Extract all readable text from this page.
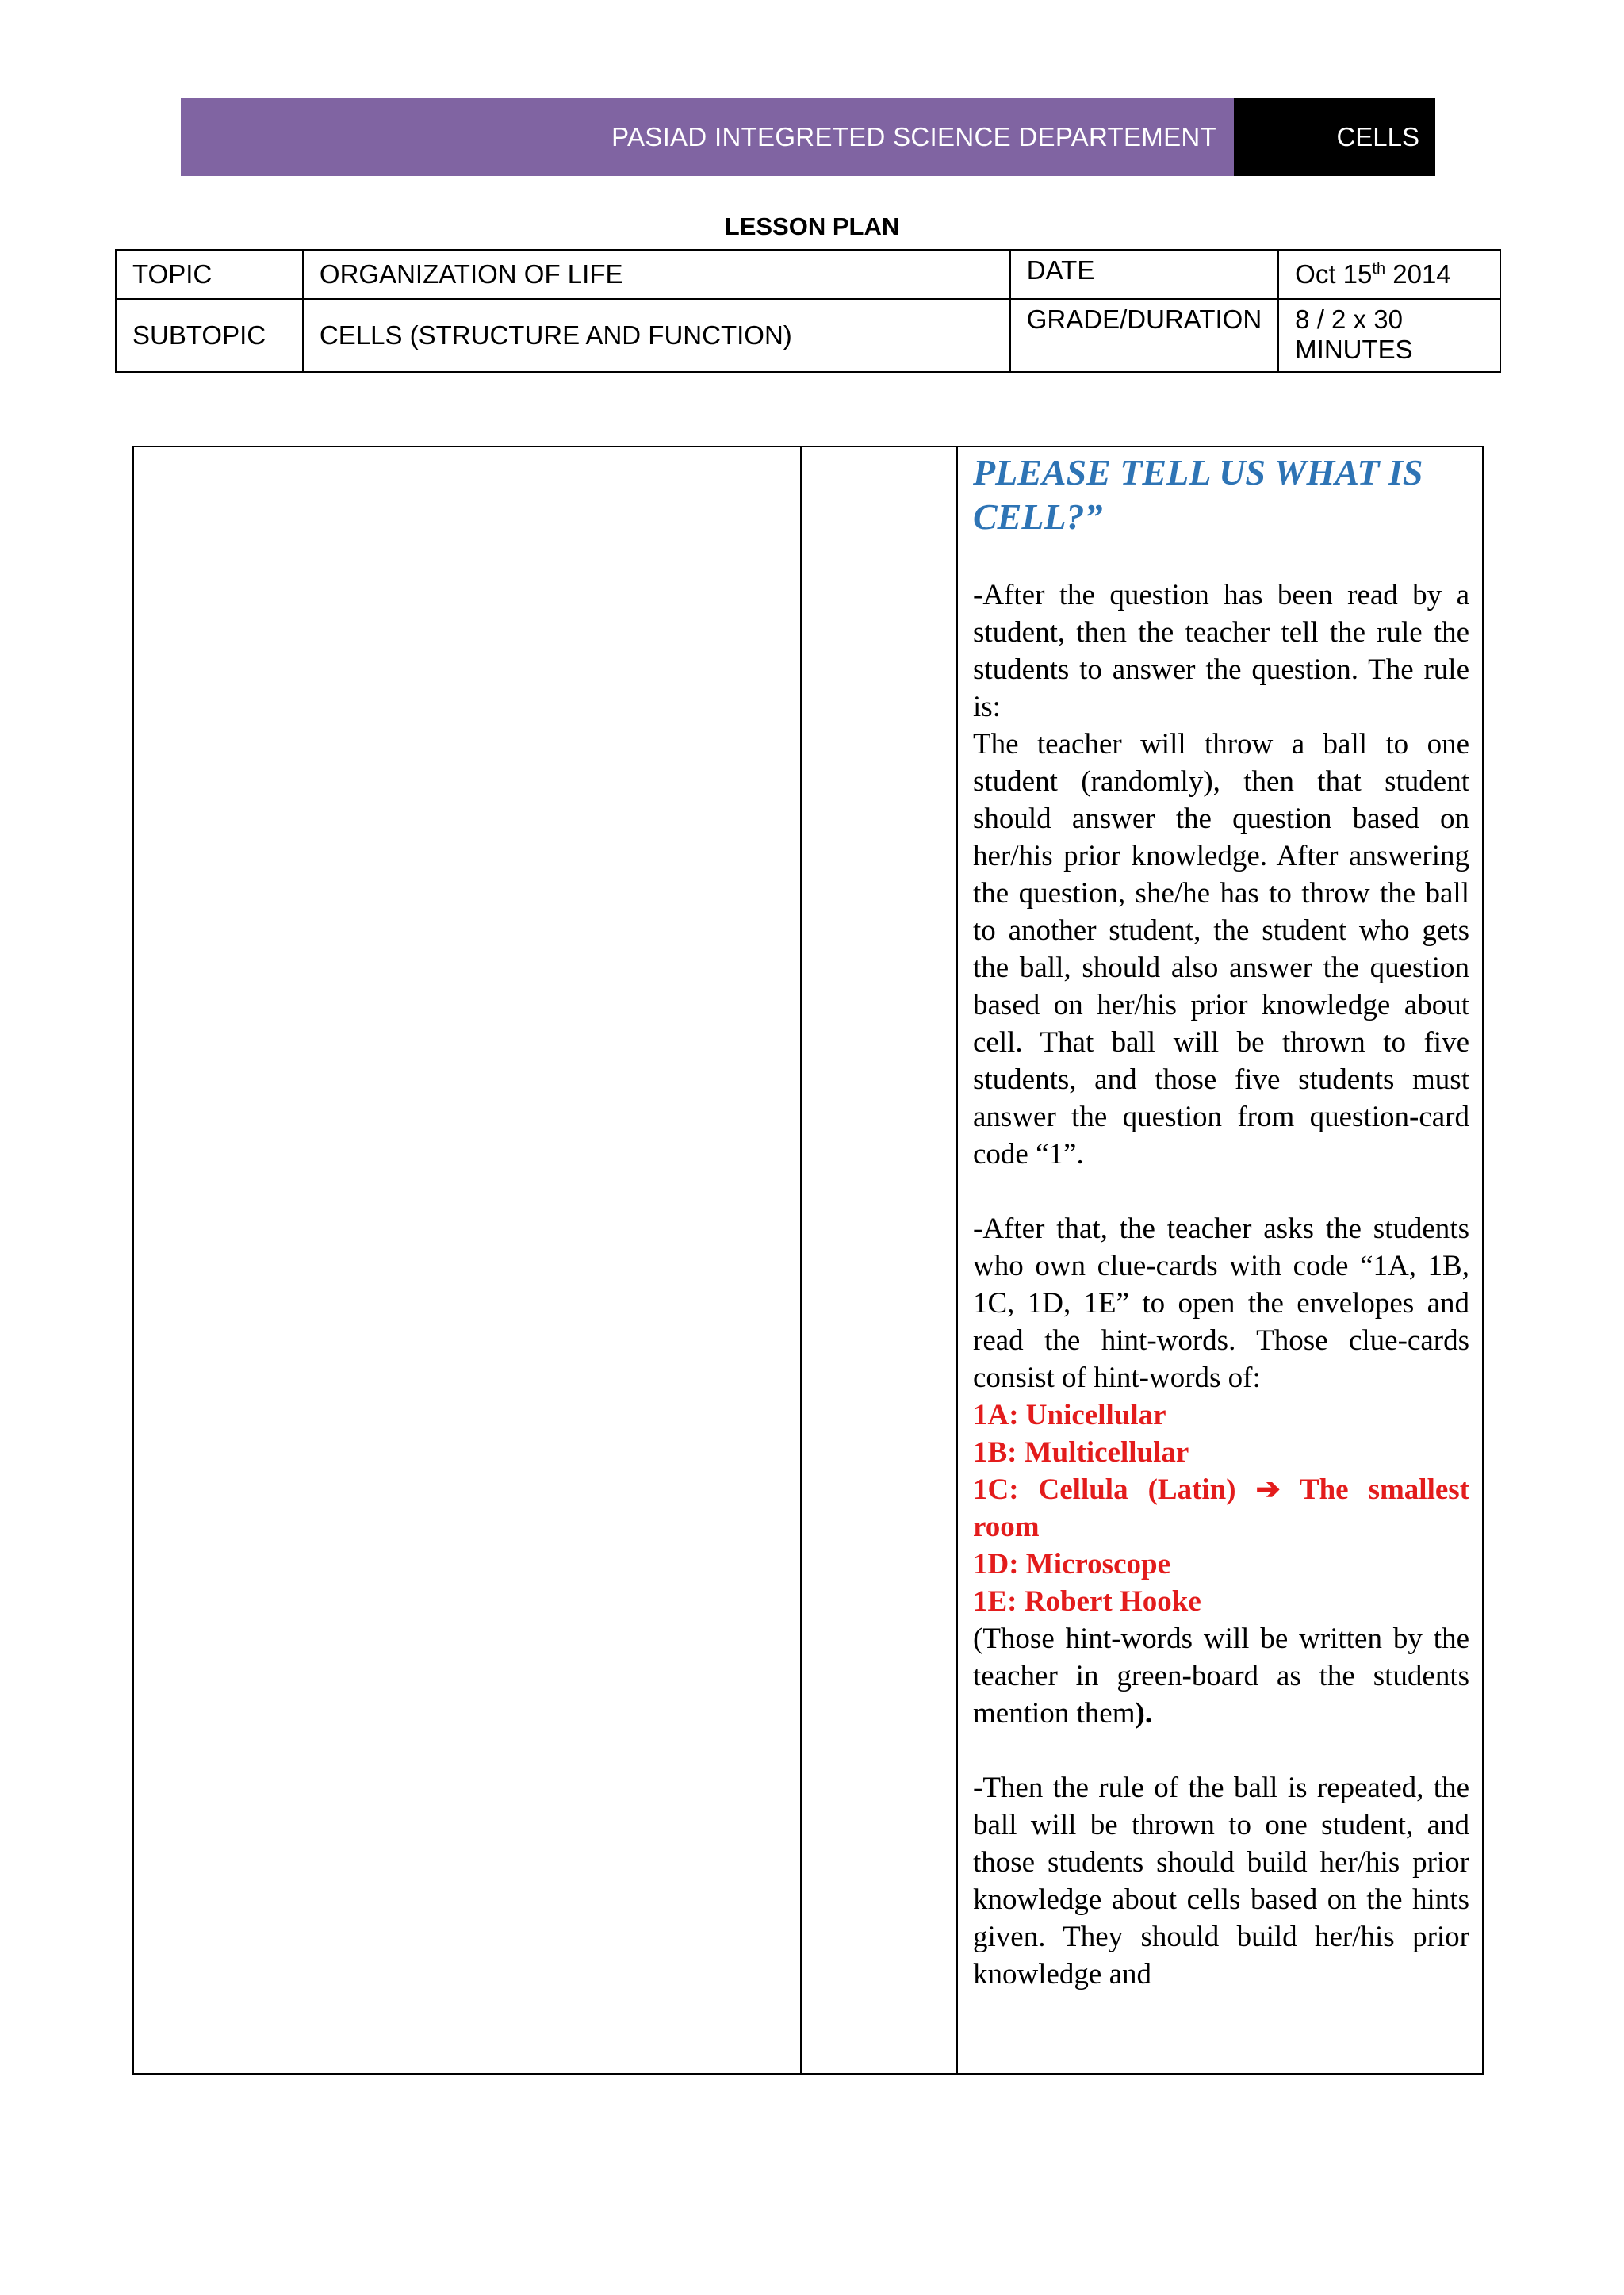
PASIAD INTEGRETED SCIENCE DEPARTEMENT	CELLS
LESSON PLAN
TOPIC	ORGANIZATION OF LIFE	DATE	Oct 15th 2014
SUBTOPIC	CELLS (STRUCTURE AND FUNCTION)	GRADE/DURATION	8 / 2 x 30 MINUTES
PLEASE TELL US WHAT IS CELL?”

-After the question has been read by a student, then the teacher tell the rule the students to answer the question. The rule is:

The teacher will throw a ball to one student (randomly), then that student should answer the question based on her/his prior knowledge. After answering the question, she/he has to throw the ball to another student, the student who gets the ball, should also answer the question based on her/his prior knowledge about cell. That ball will be thrown to five students, and those five students must answer the question from question-card code “1”.

-After that, the teacher asks the students who own clue-cards with code “1A, 1B, 1C, 1D, 1E” to open the envelopes and read the hint-words. Those clue-cards consist of hint-words of:

1A: Unicellular
1B: Multicellular
1C: Cellula (Latin) ➔ The smallest room
1D: Microscope
1E: Robert Hooke

(Those hint-words will be written by the teacher in green-board as the students mention them).

-Then the rule of the ball is repeated, the ball will be thrown to one student, and those students should build her/his prior knowledge about cells based on the hints given. They should build her/his prior knowledge and
